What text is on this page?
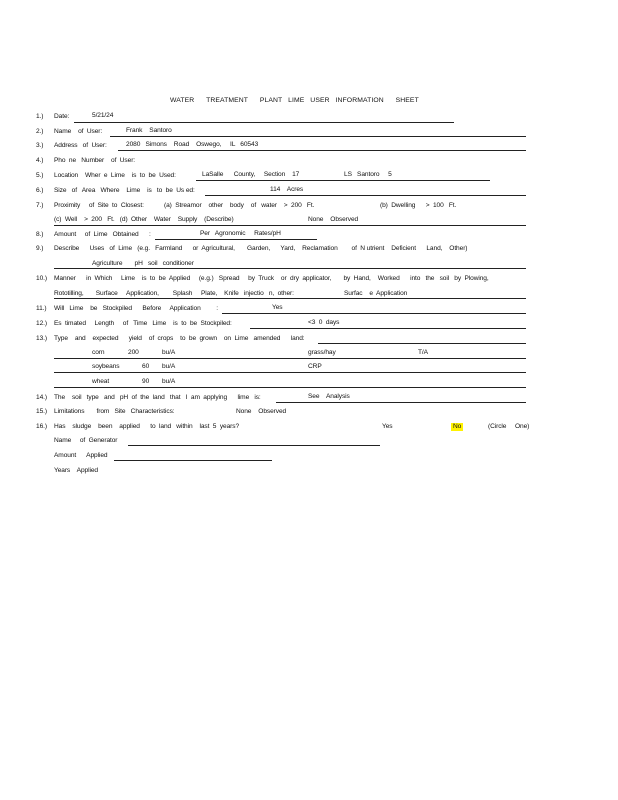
WATER      TREATMENT      PLANT   LIME   USER   INFORMATION      SHEET
1.) Date:	5/21/24
2.) Name    of  User:	Frank    Santoro
3.) Address   of  User:	2080   Simons    Road    Oswego,     IL   60543
4.) Pho  ne   Number    of  User:
5.) Location    Wher  e  Lime    is  to  be  Used:	LaSalle      County,     Section    17	LS   Santoro     5
6.) Size   of   Area   Where    Lime    is   to  be  Us ed:	114    Acres
7.) Proximity     of  Site  to  Closest:	(a)  Streamor    other    body    of   water    >  200   Ft.	(b)  Dwelling      >  100   Ft.
(c)  Well    >  200   Ft.   (d)  Other    Water    Supply    (Describe)	None    Observed
8.) Amount     of  Lime   Obtained      :	Per   Agronomic     Rates/pH
9.) Describe      Uses   of  Lime   (e.g.   Farmland      or  Agricultural,       Garden,      Yard,    Reclamation        of  N utrient    Deficient      Land,    Other)
Agriculture       pH   soil   conditioner
10.) Manner      in  Which     Lime    is  to  be  Applied     (e.g.)   Spread     by  Truck    or  dry  applicator,       by  Hand,    Worked      into   the   soil   by  Plowing,
Rototilling,       Surface     Application,        Splash     Plate,    Knife   injectio   n,  other:	Surfac    e  Application
11.) Will   Lime    be   Stockpiled      Before     Application         :	Yes
12.) Es  timated     Length     of   Time   Lime    is  to  be  Stockpiled:	<3  0  days
13.) Type    and    expected      yield    of  crops    to  be  grown    on  Lime   amended      land:
corn	200	bu/A	grass/hay	T/A
soybeans	60 bu/A	CRP
wheat	90 bu/A
14.) The    soil   type   and   pH  of  the  land   that   I  am  applying      lime   is:	See    Analysis
15.) Limitations       from   Site   Characteristics:	None    Observed
16.) Has    sludge    been    applied      to  land   within    last  5  years?	Yes	No	(Circle     One)
Name     of  Generator
Amount      Applied
Years    Applied
